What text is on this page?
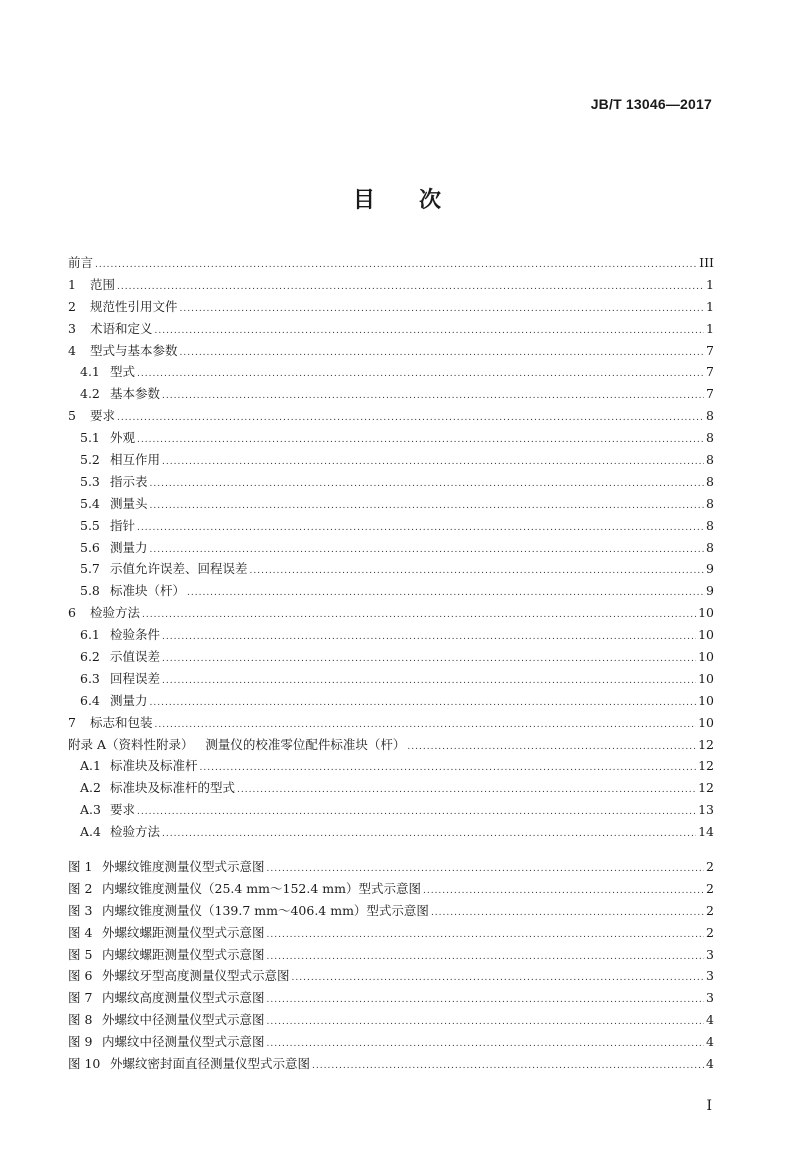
JB/T 13046—2017
目 次
前言 .....	III
1	范围 .....	1
2	规范性引用文件 .....	1
3	术语和定义 .....	1
4	型式与基本参数 .....	7
4.1 型式 .....	7
4.2 基本参数 .....	7
5	要求 .....	8
5.1 外观 .....	8
5.2 相互作用 .....	8
5.3 指示表 .....	8
5.4 测量头 .....	8
5.5 指针 .....	8
5.6 测量力 .....	8
5.7 示值允许误差、回程误差 .....	9
5.8 标准块（杆） .....	9
6	检验方法 .....	10
6.1 检验条件 .....	10
6.2 示值误差 .....	10
6.3 回程误差 .....	10
6.4 测量力 .....	10
7	标志和包装 .....	10
附录 A（资料性附录）   测量仪的校准零位配件标准块（杆） .....	12
A.1 标准块及标准杆 .....	12
A.2 标准块及标准杆的型式 .....	12
A.3 要求 .....	13
A.4 检验方法 .....	14
图 1 外螺纹锥度测量仪型式示意图 .....	2
图 2 内螺纹锥度测量仪（25.4 mm～152.4 mm）型式示意图 .....	2
图 3 内螺纹锥度测量仪（139.7 mm～406.4 mm）型式示意图 .....	2
图 4 外螺纹螺距测量仪型式示意图 .....	2
图 5 内螺纹螺距测量仪型式示意图 .....	3
图 6 外螺纹牙型高度测量仪型式示意图 .....	3
图 7 内螺纹高度测量仪型式示意图 .....	3
图 8 外螺纹中径测量仪型式示意图 .....	4
图 9 内螺纹中径测量仪型式示意图 .....	4
图 10 外螺纹密封面直径测量仪型式示意图 .....	4
I
